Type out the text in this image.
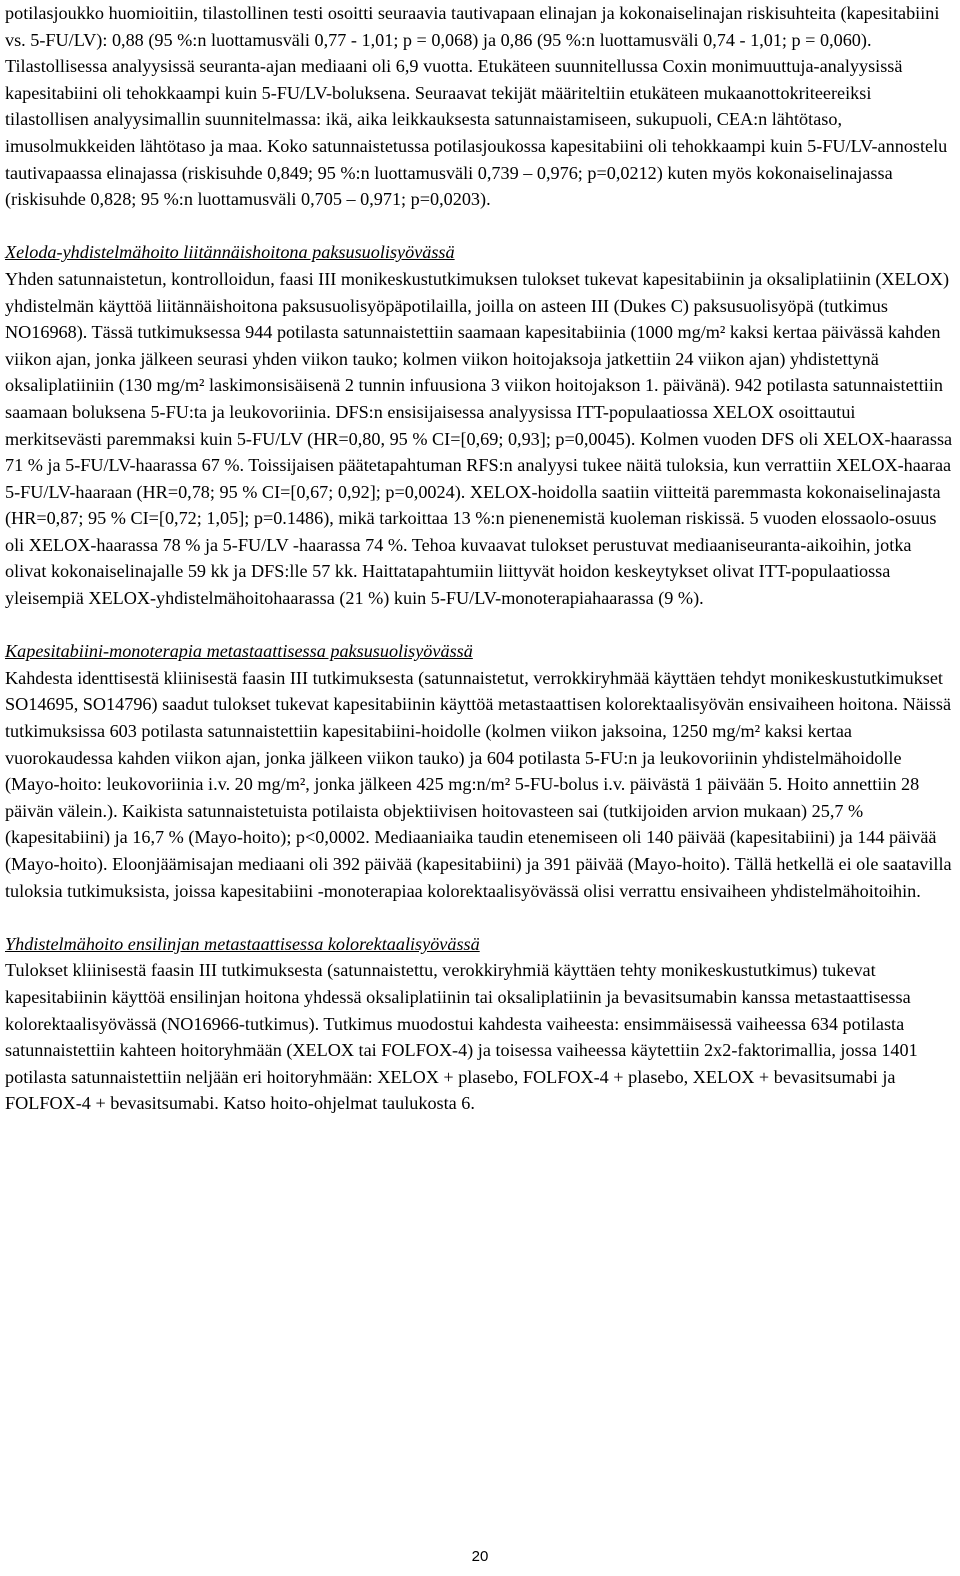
potilasjoukko huomioitiin, tilastollinen testi osoitti seuraavia tautivapaan elinajan ja kokonaiselinajan riskisuhteita (kapesitabiini vs. 5-FU/LV): 0,88 (95 %:n luottamusväli 0,77 - 1,01; p = 0,068) ja 0,86 (95 %:n luottamusväli 0,74 - 1,01; p = 0,060). Tilastollisessa analyysissä seuranta-ajan mediaani oli 6,9 vuotta. Etukäteen suunnitellussa Coxin monimuuttuja-analyysissä kapesitabiini oli tehokkaampi kuin 5-FU/LV-boluksena. Seuraavat tekijät määriteltiin etukäteen mukaanottokriteereiksi tilastollisen analyysimallin suunnitelmassa: ikä, aika leikkauksesta satunnaistamiseen, sukupuoli, CEA:n lähtötaso, imusolmukkeiden lähtötaso ja maa. Koko satunnaistetussa potilasjoukossa kapesitabiini oli tehokkaampi kuin 5-FU/LV-annostelu tautivapaassa elinajassa (riskisuhde 0,849; 95 %:n luottamusväli 0,739 – 0,976; p=0,0212) kuten myös kokonaiselinajassa (riskisuhde 0,828; 95 %:n luottamusväli 0,705 – 0,971; p=0,0203).

Xeloda-yhdistelmähoito liitännäishoitona paksusuolisyövässä

Yhden satunnaistetun, kontrolloidun, faasi III monikeskustutkimuksen tulokset tukevat kapesitabiinin ja oksaliplatiinin (XELOX) yhdistelmän käyttöä liitännäishoitona paksusuolisyöpäpotilailla, joilla on asteen III (Dukes C) paksusuolisyöpä (tutkimus NO16968). Tässä tutkimuksessa 944 potilasta satunnaistettiin saamaan kapesitabiinia (1000 mg/m² kaksi kertaa päivässä kahden viikon ajan, jonka jälkeen seurasi yhden viikon tauko; kolmen viikon hoitojaksoja jatkettiin 24 viikon ajan) yhdistettynä oksaliplatiiniin (130 mg/m² laskimonsisäisenä 2 tunnin infuusiona 3 viikon hoitojakson 1. päivänä). 942 potilasta satunnaistettiin saamaan boluksena 5-FU:ta ja leukovoriinia. DFS:n ensisijaisessa analyysissa ITT-populaatiossa XELOX osoittautui merkitsevästi paremmaksi kuin 5-FU/LV (HR=0,80, 95 % CI=[0,69; 0,93]; p=0,0045). Kolmen vuoden DFS oli XELOX-haarassa 71 % ja 5-FU/LV-haarassa 67 %. Toissijaisen päätetapahtuman RFS:n analyysi tukee näitä tuloksia, kun verrattiin XELOX-haaraa 5-FU/LV-haaraan (HR=0,78; 95 % CI=[0,67; 0,92]; p=0,0024). XELOX-hoidolla saatiin viitteitä paremmasta kokonaiselinajasta (HR=0,87; 95 % CI=[0,72; 1,05]; p=0.1486), mikä tarkoittaa 13 %:n pienenemistä kuoleman riskissä. 5 vuoden elossaolo-osuus oli XELOX-haarassa 78 % ja 5-FU/LV -haarassa 74 %. Tehoa kuvaavat tulokset perustuvat mediaaniseuranta-aikoihin, jotka olivat kokonaiselinajalle 59 kk ja DFS:lle 57 kk. Haittatapahtumiin liittyvät hoidon keskeytykset olivat ITT-populaatiossa yleisempiä XELOX-yhdistelmähoitohaarassa (21 %) kuin 5-FU/LV-monoterapiahaarassa (9 %).

Kapesitabiini-monoterapia metastaattisessa paksusuolisyövässä

Kahdesta identtisestä kliinisestä faasin III tutkimuksesta (satunnaistetut, verrokkiryhmää käyttäen tehdyt monikeskustutkimukset SO14695, SO14796) saadut tulokset tukevat kapesitabiinin käyttöä metastaattisen kolorektaalisyövän ensivaiheen hoitona. Näissä tutkimuksissa 603 potilasta satunnaistettiin kapesitabiini-hoidolle (kolmen viikon jaksoina, 1250 mg/m² kaksi kertaa vuorokaudessa kahden viikon ajan, jonka jälkeen viikon tauko) ja 604 potilasta 5-FU:n ja leukovoriinin yhdistelmähoidolle (Mayo-hoito: leukovoriinia i.v. 20 mg/m², jonka jälkeen 425 mg:n/m² 5-FU-bolus i.v. päivästä 1 päivään 5. Hoito annettiin 28 päivän välein.). Kaikista satunnaistetuista potilaista objektiivisen hoitovasteen sai (tutkijoiden arvion mukaan) 25,7 % (kapesitabiini) ja 16,7 % (Mayo-hoito); p<0,0002. Mediaaniaika taudin etenemiseen oli 140 päivää (kapesitabiini) ja 144 päivää (Mayo-hoito). Eloonjäämisajan mediaani oli 392 päivää (kapesitabiini) ja 391 päivää (Mayo-hoito). Tällä hetkellä ei ole saatavilla tuloksia tutkimuksista, joissa kapesitabiini -monoterapiaa kolorektaalisyövässä olisi verrattu ensivaiheen yhdistelmähoitoihin.

Yhdistelmähoito ensilinjan metastaattisessa kolorektaalisyövässä

Tulokset kliinisestä faasin III tutkimuksesta (satunnaistettu, verokkiryhmiä käyttäen tehty monikeskustutkimus) tukevat kapesitabiinin käyttöä ensilinjan hoitona yhdessä oksaliplatiinin tai oksaliplatiinin ja bevasitsumabin kanssa metastaattisessa kolorektaalisyövässä (NO16966-tutkimus). Tutkimus muodostui kahdesta vaiheesta: ensimmäisessä vaiheessa 634 potilasta satunnaistettiin kahteen hoitoryhmään (XELOX tai FOLFOX-4) ja toisessa vaiheessa käytettiin 2x2-faktorimallia, jossa 1401 potilasta satunnaistettiin neljään eri hoitoryhmään: XELOX + plasebo, FOLFOX-4 + plasebo, XELOX + bevasitsumabi ja FOLFOX-4 + bevasitsumabi. Katso hoito-ohjelmat taulukosta 6.

20
